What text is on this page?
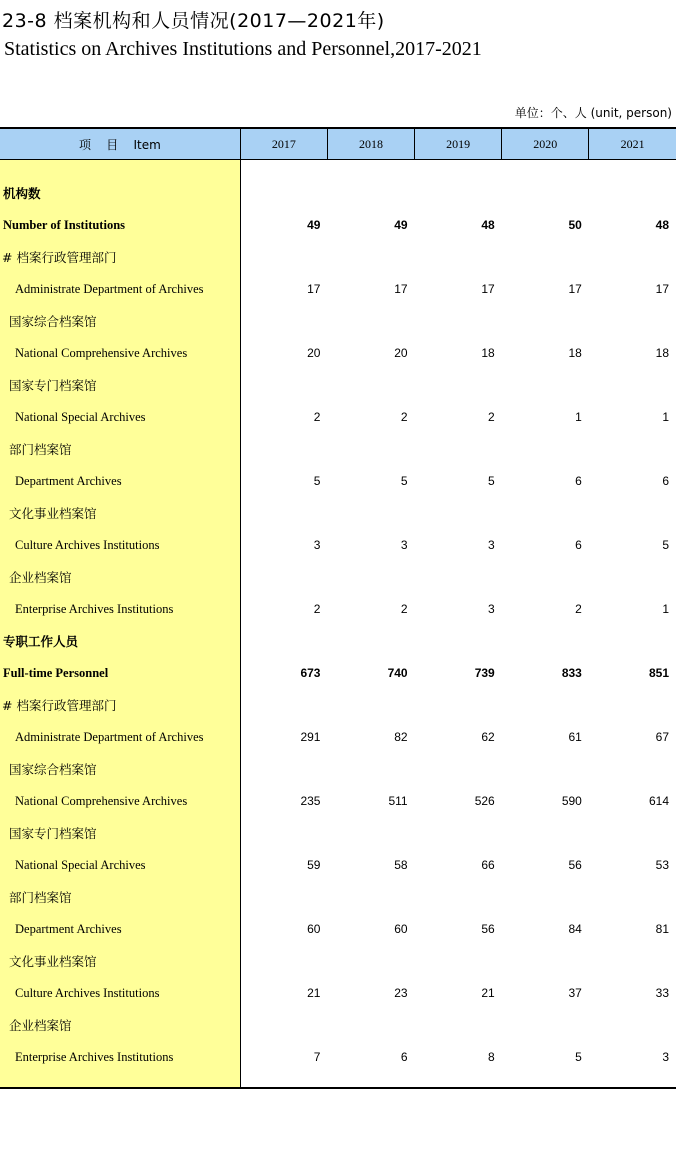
23-8 档案机构和人员情况(2017—2021年)
Statistics on Archives Institutions and Personnel,2017-2021
单位：个、人 (unit, person)
项    目    Item	2017	2018	2019	2020	2021

机构数					
Number of Institutions	49	49	48	50	48
# 档案行政管理部门					
Administrate Department of Archives	17	17	17	17	17
国家综合档案馆					
National Comprehensive Archives	20	20	18	18	18
国家专门档案馆					
National Special Archives	2	2	2	1	1
部门档案馆					
Department Archives	5	5	5	6	6
文化事业档案馆					
Culture Archives Institutions	3	3	3	6	5
企业档案馆					
Enterprise Archives Institutions	2	2	3	2	1
专职工作人员					
Full-time Personnel	673	740	739	833	851
# 档案行政管理部门					
Administrate Department of Archives	291	82	62	61	67
国家综合档案馆					
National Comprehensive Archives	235	511	526	590	614
国家专门档案馆					
National Special Archives	59	58	66	56	53
部门档案馆					
Department Archives	60	60	56	84	81
文化事业档案馆					
Culture Archives Institutions	21	23	21	37	33
企业档案馆					
Enterprise Archives Institutions	7	6	8	5	3
